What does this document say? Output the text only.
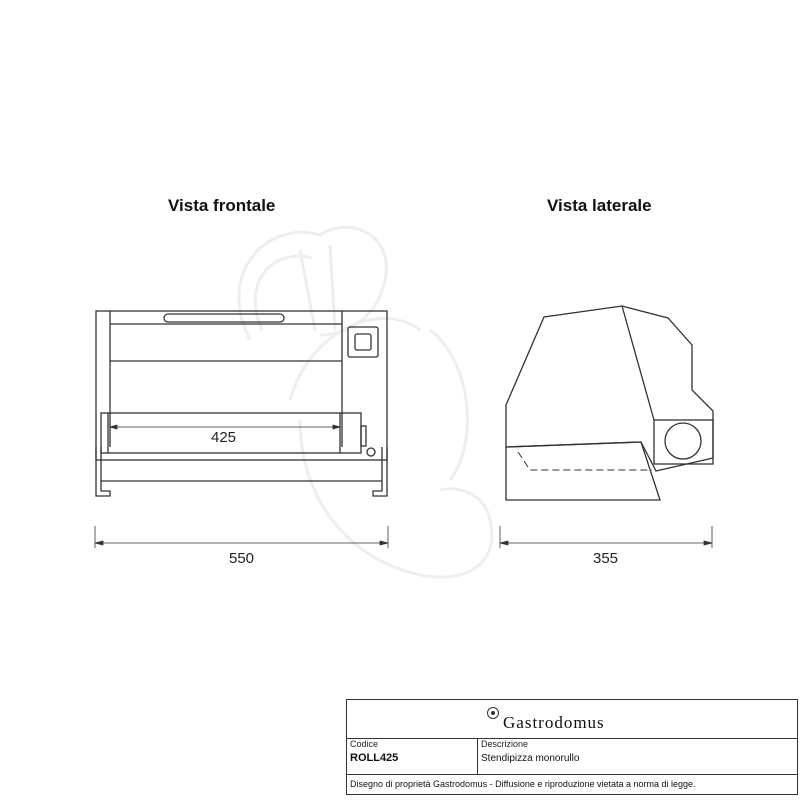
Vista frontale	Vista laterale
425
550	355
Gastrodomus
Codice
ROLL425
Descrizione
Stendipizza monorullo
Disegno di proprietà Gastrodomus - Diffusione e riproduzione vietata a norma di legge.
